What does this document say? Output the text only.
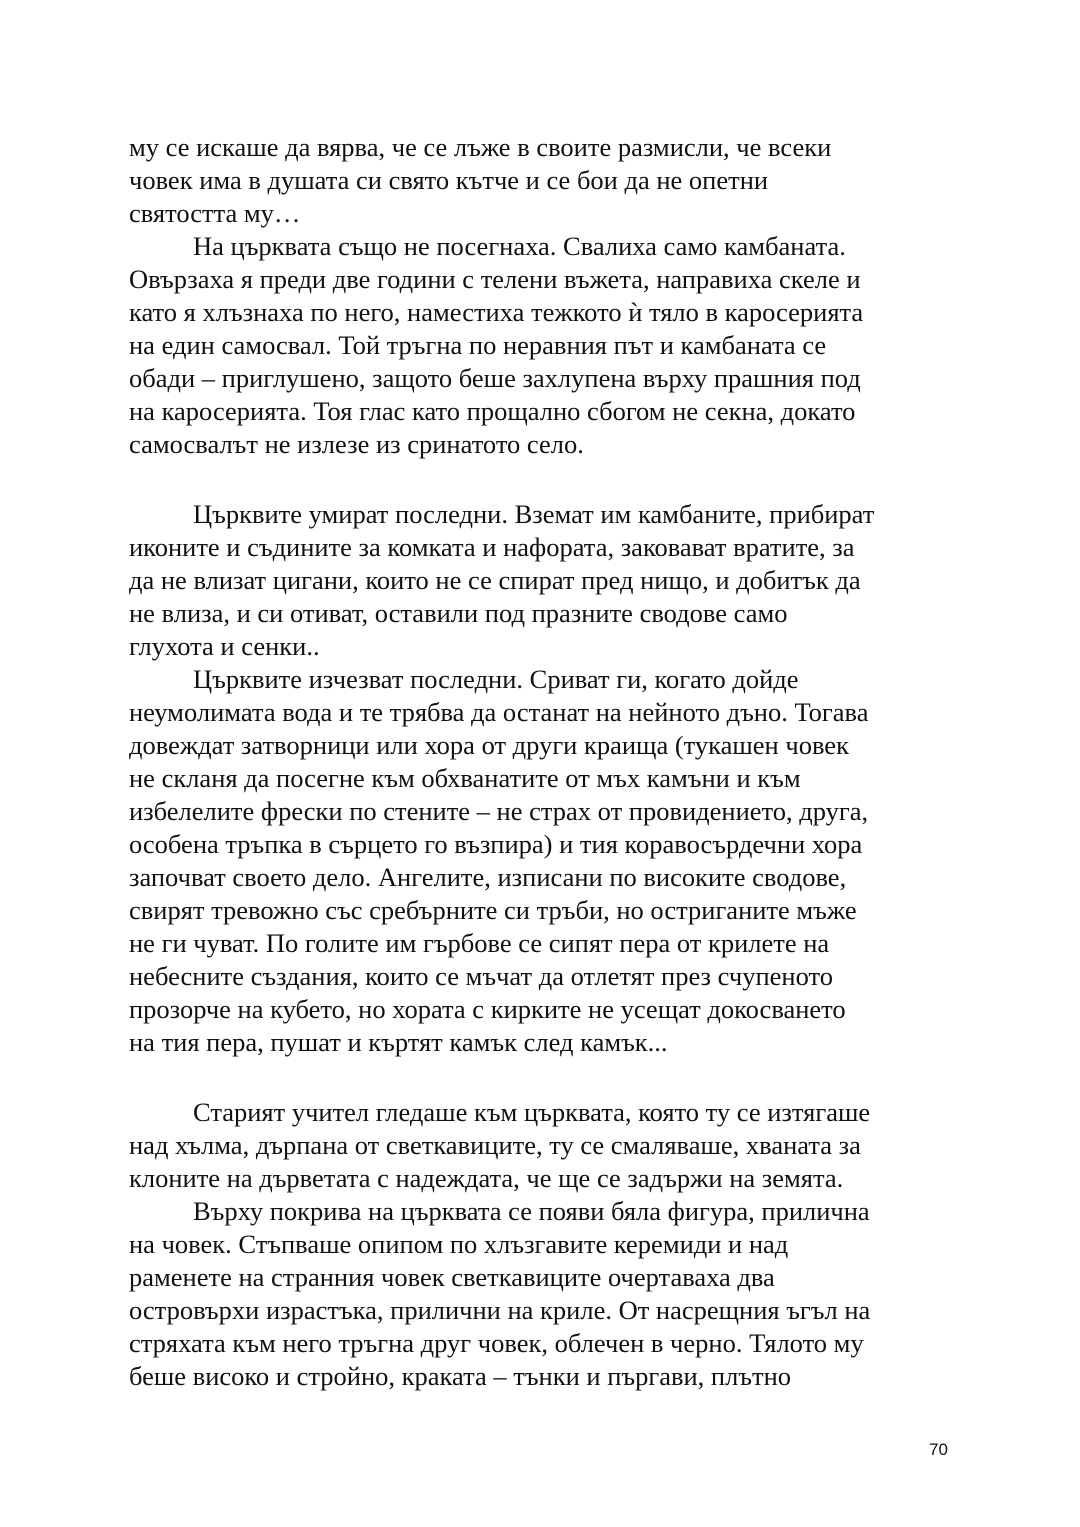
му се искаше да вярва, че се лъже в своите размисли, че всеки
човек има в душата си свято кътче и се бои да не опетни
святостта му…
На църквата също не посегнаха. Свалиха само камбаната.
Овързаха я преди две години с телени въжета, направиха скеле и
като я хлъзнаха по него, наместиха тежкото ѝ тяло в каросерията
на един самосвал. Той тръгна по неравния път и камбаната се
обади – приглушено, защото беше захлупена върху прашния под
на каросерията. Тоя глас като прощално сбогом не секна, докато
самосвалът не излезе из сринатото село.
Църквите умират последни. Вземат им камбаните, прибират
иконите и съдините за комката и нафората, заковават вратите, за
да не влизат цигани, които не се спират пред нищо, и добитък да
не влиза, и си отиват, оставили под празните сводове само
глухота и сенки..
Църквите изчезват последни. Сриват ги, когато дойде
неумолимата вода и те трябва да останат на нейното дъно. Тогава
довеждат затворници или хора от други краища (тукашен човек
не скланя да посегне към обхванатите от мъх камъни и към
избелелите фрески по стените – не страх от провидението, друга,
особена тръпка в сърцето го възпира) и тия коравосърдечни хора
започват своето дело. Ангелите, изписани по високите сводове,
свирят тревожно със сребърните си тръби, но остриганите мъже
не ги чуват. По голите им гърбове се сипят пера от крилете на
небесните създания, които се мъчат да отлетят през счупеното
прозорче на кубето, но хората с кирките не усещат докосването
на тия пера, пушат и къртят камък след камък...
Старият учител гледаше към църквата, която ту се изтягаше
над хълма, дърпана от светкавиците, ту се смаляваше, хваната за
клоните на дърветата с надеждата, че ще се задържи на земята.
Върху покрива на църквата се появи бяла фигура, прилична
на човек. Стъпваше опипом по хлъзгавите керемиди и над
раменете на странния човек светкавиците очертаваха два
островърхи израстъка, прилични на криле. От насрещния ъгъл на
стряхата към него тръгна друг човек, облечен в черно. Тялото му
беше високо и стройно, краката – тънки и пъргави, плътно
70
